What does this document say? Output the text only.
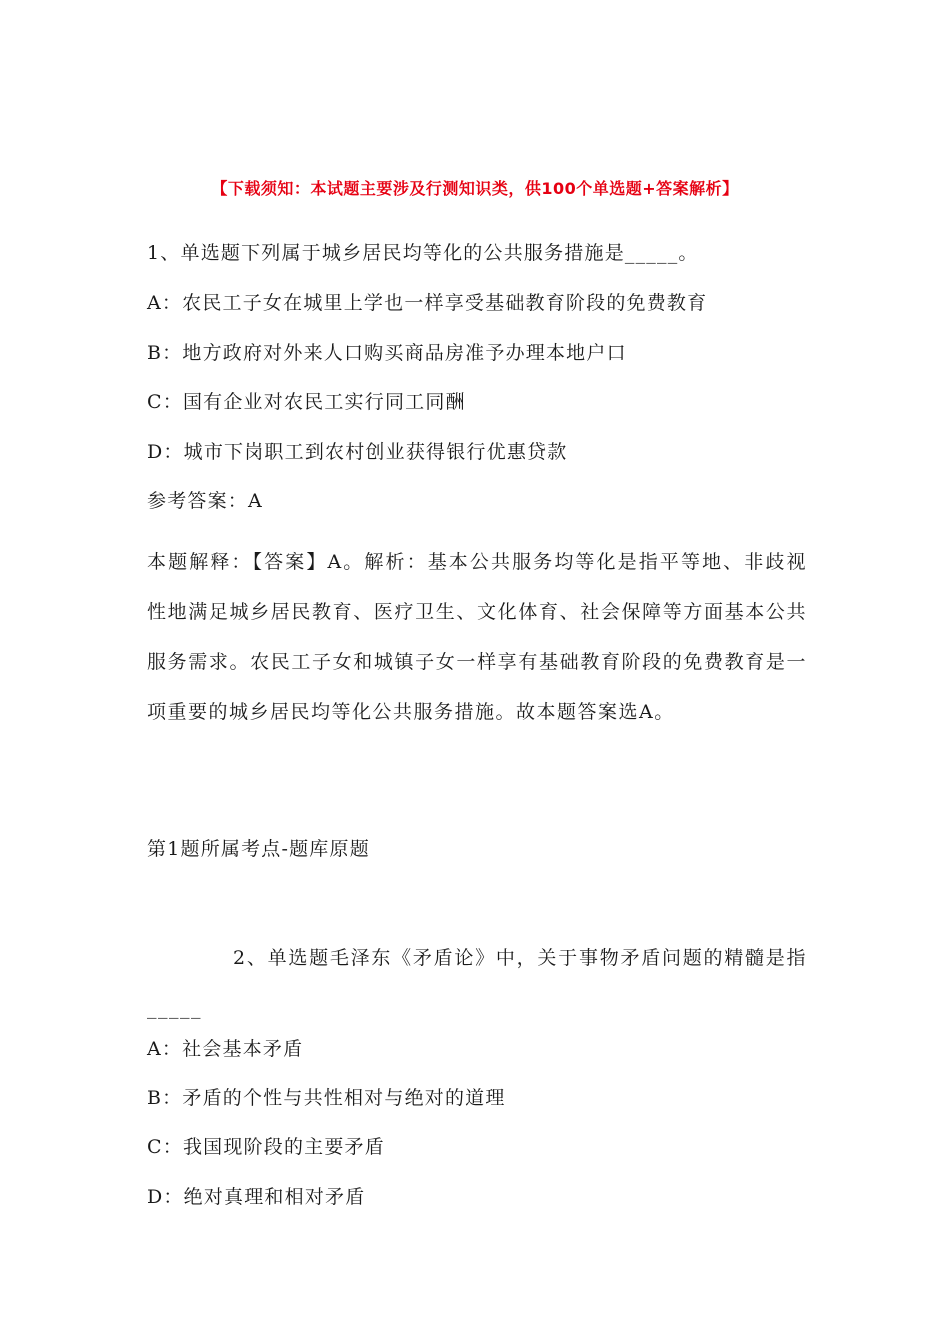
【下载须知：本试题主要涉及行测知识类，供100个单选题+答案解析】
1、单选题下列属于城乡居民均等化的公共服务措施是_____。
A：农民工子女在城里上学也一样享受基础教育阶段的免费教育
B：地方政府对外来人口购买商品房准予办理本地户口
C：国有企业对农民工实行同工同酬
D：城市下岗职工到农村创业获得银行优惠贷款
参考答案：A
本题解释：【答案】A。解析：基本公共服务均等化是指平等地、非歧视性地满足城乡居民教育、医疗卫生、文化体育、社会保障等方面基本公共服务需求。农民工子女和城镇子女一样享有基础教育阶段的免费教育是一项重要的城乡居民均等化公共服务措施。故本题答案选A。
第1题所属考点-题库原题
2、单选题毛泽东《矛盾论》中，关于事物矛盾问题的精髓是指_____
A：社会基本矛盾
B：矛盾的个性与共性相对与绝对的道理
C：我国现阶段的主要矛盾
D：绝对真理和相对矛盾
